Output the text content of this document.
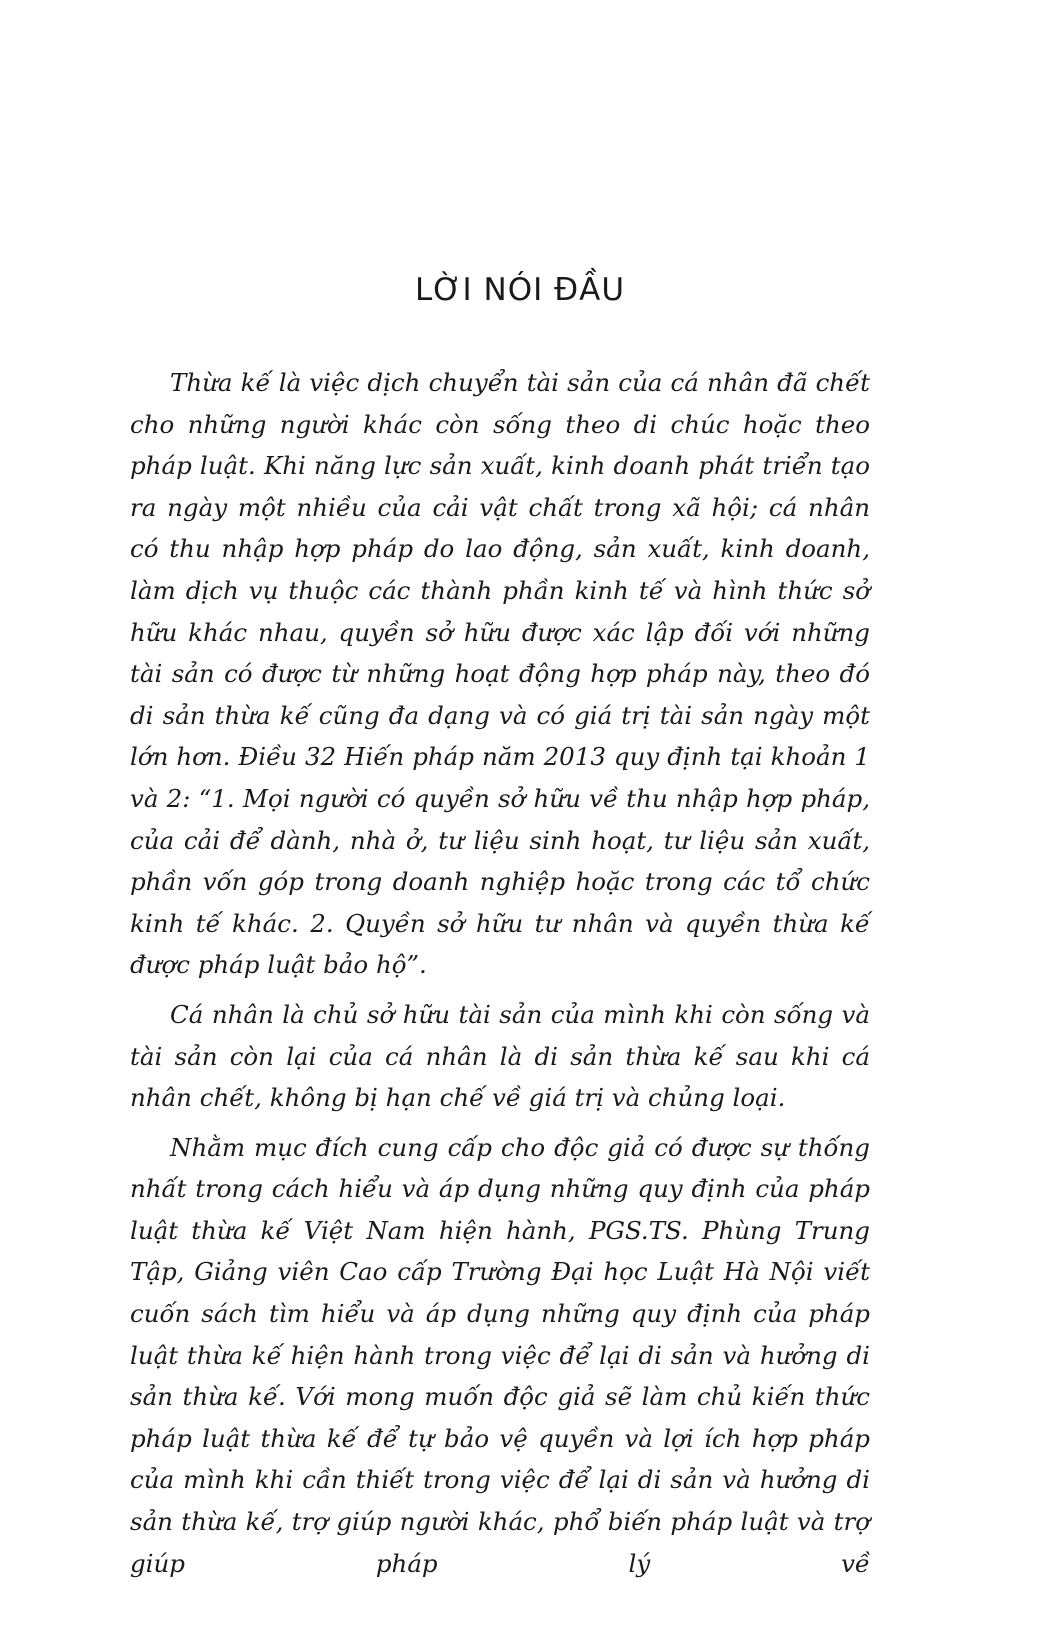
LỜI NÓI ĐẦU

Thừa kế là việc dịch chuyển tài sản của cá nhân đã chết cho những người khác còn sống theo di chúc hoặc theo pháp luật. Khi năng lực sản xuất, kinh doanh phát triển tạo ra ngày một nhiều của cải vật chất trong xã hội; cá nhân có thu nhập hợp pháp do lao động, sản xuất, kinh doanh, làm dịch vụ thuộc các thành phần kinh tế và hình thức sở hữu khác nhau, quyền sở hữu được xác lập đối với những tài sản có được từ những hoạt động hợp pháp này, theo đó di sản thừa kế cũng đa dạng và có giá trị tài sản ngày một lớn hơn. Điều 32 Hiến pháp năm 2013 quy định tại khoản 1 và 2: “1. Mọi người có quyền sở hữu về thu nhập hợp pháp, của cải để dành, nhà ở, tư liệu sinh hoạt, tư liệu sản xuất, phần vốn góp trong doanh nghiệp hoặc trong các tổ chức kinh tế khác. 2. Quyền sở hữu tư nhân và quyền thừa kế được pháp luật bảo hộ”.

Cá nhân là chủ sở hữu tài sản của mình khi còn sống và tài sản còn lại của cá nhân là di sản thừa kế sau khi cá nhân chết, không bị hạn chế về giá trị và chủng loại.

Nhằm mục đích cung cấp cho độc giả có được sự thống nhất trong cách hiểu và áp dụng những quy định của pháp luật thừa kế Việt Nam hiện hành, PGS.TS. Phùng Trung Tập, Giảng viên Cao cấp Trường Đại học Luật Hà Nội viết cuốn sách tìm hiểu và áp dụng những quy định của pháp luật thừa kế hiện hành trong việc để lại di sản và hưởng di sản thừa kế. Với mong muốn độc giả sẽ làm chủ kiến thức pháp luật thừa kế để tự bảo vệ quyền và lợi ích hợp pháp của mình khi cần thiết trong việc để lại di sản và hưởng di sản thừa kế, trợ giúp người khác, phổ biến pháp luật và trợ giúp pháp lý về
